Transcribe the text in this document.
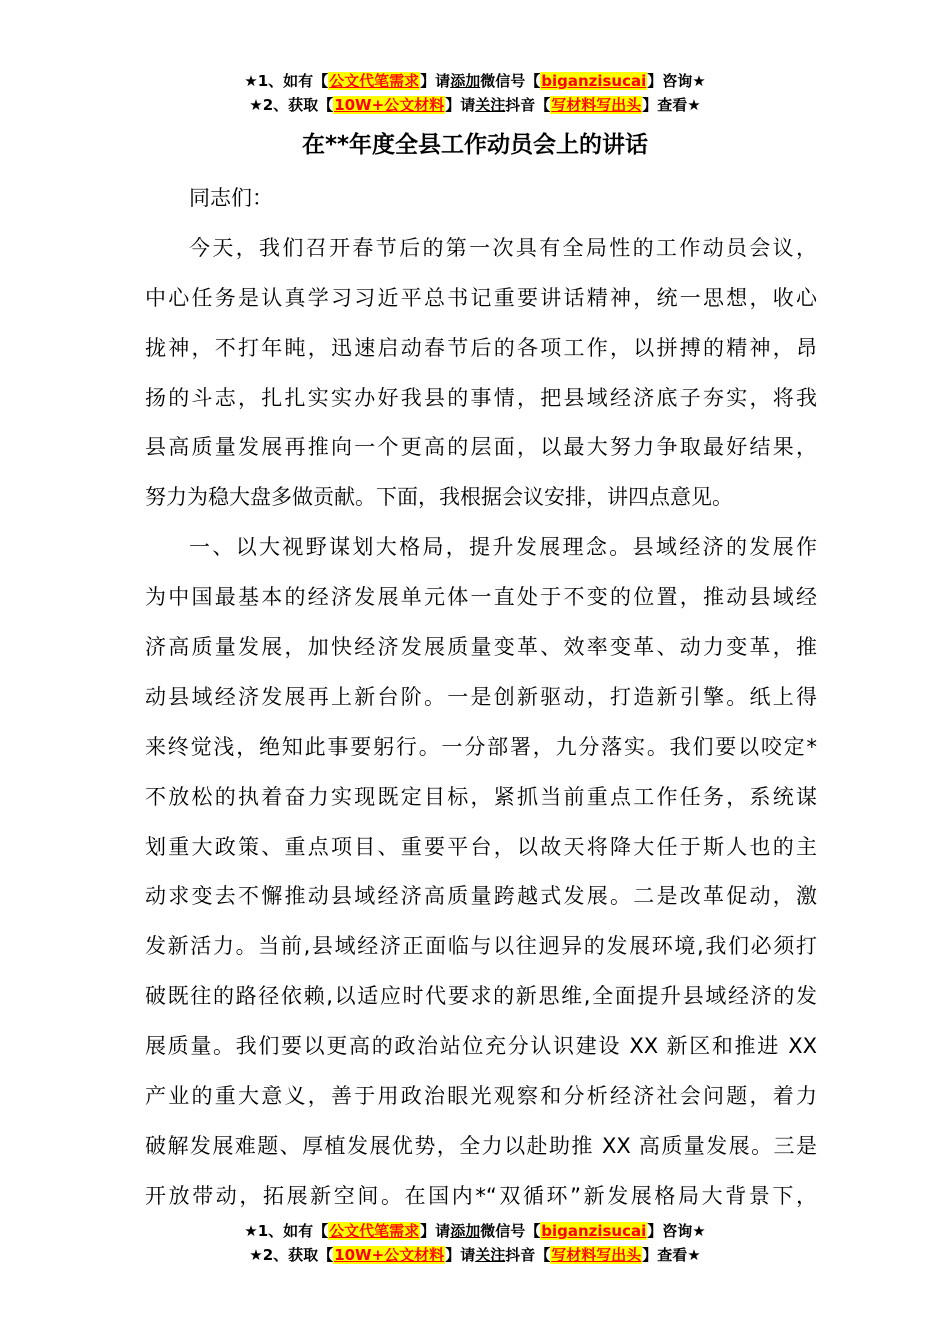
★1、如有【公文代笔需求】请添加微信号【biganzisucai】咨询★
★2、获取【10W+公文材料】请关注抖音【写材料写出头】查看★
在**年度全县工作动员会上的讲话
同志们：
今天，我们召开春节后的第一次具有全局性的工作动员会议，
中心任务是认真学习习近平总书记重要讲话精神，统一思想，收心
拢神，不打年盹，迅速启动春节后的各项工作，以拼搏的精神，昂
扬的斗志，扎扎实实办好我县的事情，把县域经济底子夯实，将我
县高质量发展再推向一个更高的层面，以最大努力争取最好结果，
努力为稳大盘多做贡献。下面，我根据会议安排，讲四点意见。
一、以大视野谋划大格局，提升发展理念。县域经济的发展作
为中国最基本的经济发展单元体一直处于不变的位置，推动县域经
济高质量发展，加快经济发展质量变革、效率变革、动力变革，推
动县域经济发展再上新台阶。一是创新驱动，打造新引擎。纸上得
来终觉浅，绝知此事要躬行。一分部署，九分落实。我们要以咬定*
不放松的执着奋力实现既定目标，紧抓当前重点工作任务，系统谋
划重大政策、重点项目、重要平台，以故天将降大任于斯人也的主
动求变去不懈推动县域经济高质量跨越式发展。二是改革促动，激
发新活力。当前,县域经济正面临与以往迥异的发展环境,我们必须打
破既往的路径依赖,以适应时代要求的新思维,全面提升县域经济的发
展质量。我们要以更高的政治站位充分认识建设 XX 新区和推进 XX
产业的重大意义，善于用政治眼光观察和分析经济社会问题，着力
破解发展难题、厚植发展优势，全力以赴助推 XX 高质量发展。三是
开放带动，拓展新空间。在国内*“双循环”新发展格局大背景下，
★1、如有【公文代笔需求】请添加微信号【biganzisucai】咨询★
★2、获取【10W+公文材料】请关注抖音【写材料写出头】查看★
